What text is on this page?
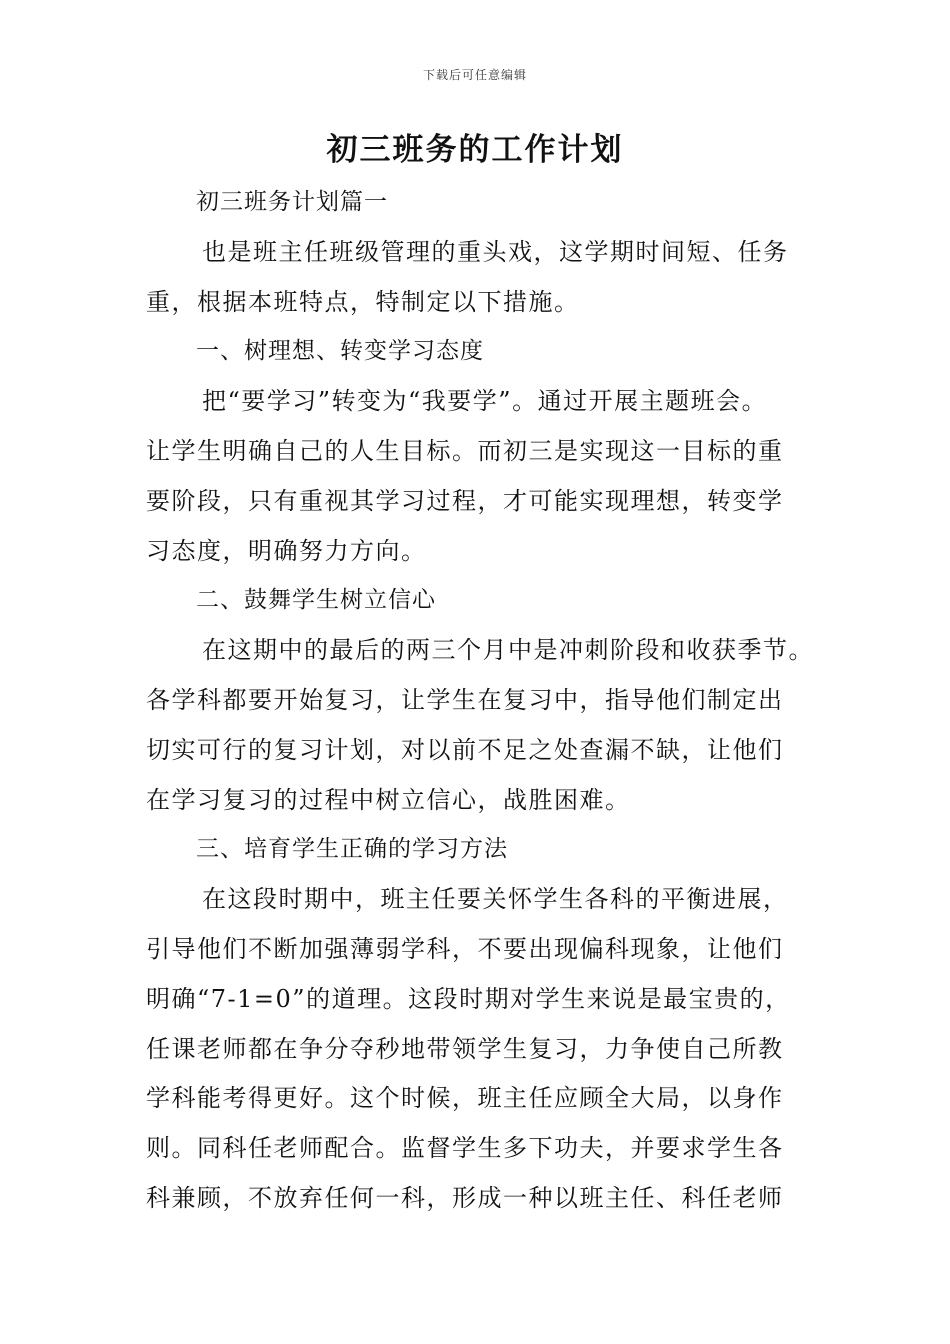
下载后可任意编辑
初三班务的工作计划
初三班务计划篇一
也是班主任班级管理的重头戏，这学期时间短、任务
重，根据本班特点，特制定以下措施。
一、树理想、转变学习态度
把“要学习”转变为“我要学”。通过开展主题班会。
让学生明确自己的人生目标。而初三是实现这一目标的重
要阶段，只有重视其学习过程，才可能实现理想，转变学
习态度，明确努力方向。
二、鼓舞学生树立信心
在这期中的最后的两三个月中是冲刺阶段和收获季节。
各学科都要开始复习，让学生在复习中，指导他们制定出
切实可行的复习计划，对以前不足之处查漏不缺，让他们
在学习复习的过程中树立信心，战胜困难。
三、培育学生正确的学习方法
在这段时期中，班主任要关怀学生各科的平衡进展，
引导他们不断加强薄弱学科，不要出现偏科现象，让他们
明确“7-1=0”的道理。这段时期对学生来说是最宝贵的，
任课老师都在争分夺秒地带领学生复习，力争使自己所教
学科能考得更好。这个时候，班主任应顾全大局，以身作
则。同科任老师配合。监督学生多下功夫，并要求学生各
科兼顾，不放弃任何一科，形成一种以班主任、科任老师
